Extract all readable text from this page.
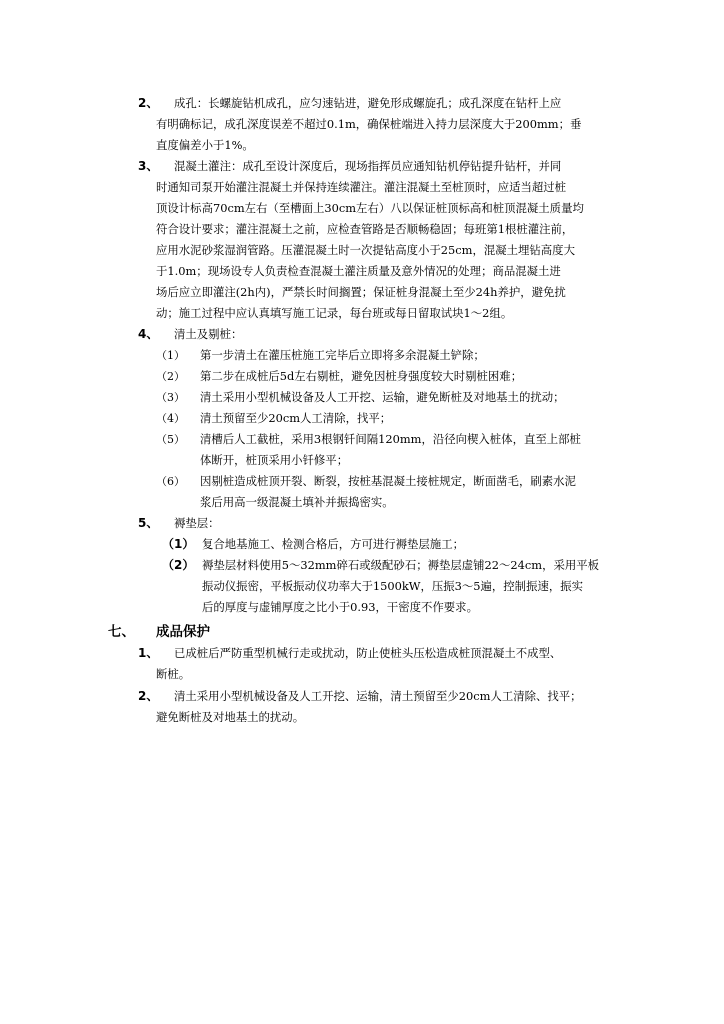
2、 成孔：长螺旋钻机成孔，应匀速钻进，避免形成螺旋孔；成孔深度在钻杆上应
有明确标记，成孔深度误差不超过0.1m，确保桩端进入持力层深度大于200mm；垂
直度偏差小于1%。
3、 混凝土灌注：成孔至设计深度后，现场指挥员应通知钻机停钻提升钻杆，并同
时通知司泵开始灌注混凝土并保持连续灌注。灌注混凝土至桩顶时，应适当超过桩
顶设计标高70cm左右（至槽面上30cm左右）八以保证桩顶标高和桩顶混凝土质量均
符合设计要求；灌注混凝土之前，应检查管路是否顺畅稳固；每班第1根桩灌注前，
应用水泥砂浆湿润管路。压灌混凝土时一次提钻高度小于25cm，混凝土埋钻高度大
于1.0m；现场设专人负责检查混凝土灌注质量及意外情况的处理；商品混凝土进
场后应立即灌注(2h内)，严禁长时间搁置；保证桩身混凝土至少24h养护，避免扰
动；施工过程中应认真填写施工记录，每台班或每日留取试块1～2组。
4、 清土及剔桩：
（1） 第一步清土在灌压桩施工完毕后立即将多余混凝土铲除；
（2） 第二步在成桩后5d左右剔桩，避免因桩身强度较大时剔桩困难；
（3） 清土采用小型机械设备及人工开挖、运输，避免断桩及对地基土的扰动；
（4） 清土预留至少20cm人工清除，找平；
（5） 清槽后人工截桩，采用3根钢钎间隔120mm，沿径向楔入桩体，直至上部桩
体断开，桩顶采用小钎修平；
（6） 因剔桩造成桩顶开裂、断裂，按桩基混凝土接桩规定，断面凿毛，刷素水泥
浆后用高一级混凝土填补并振捣密实。
5、 褥垫层：
（1） 复合地基施工、检测合格后，方可进行褥垫层施工；
（2） 褥垫层材料使用5～32mm碎石或级配砂石；褥垫层虚铺22～24cm，采用平板
振动仪振密，平板振动仪功率大于1500kW，压振3～5遍，控制振速，振实
后的厚度与虚铺厚度之比小于0.93，干密度不作要求。
七、 成品保护
1、 已成桩后严防重型机械行走或扰动，防止使桩头压松造成桩顶混凝土不成型、
断桩。
2、 清土采用小型机械设备及人工开挖、运输，清土预留至少20cm人工清除、找平；
避免断桩及对地基土的扰动。
